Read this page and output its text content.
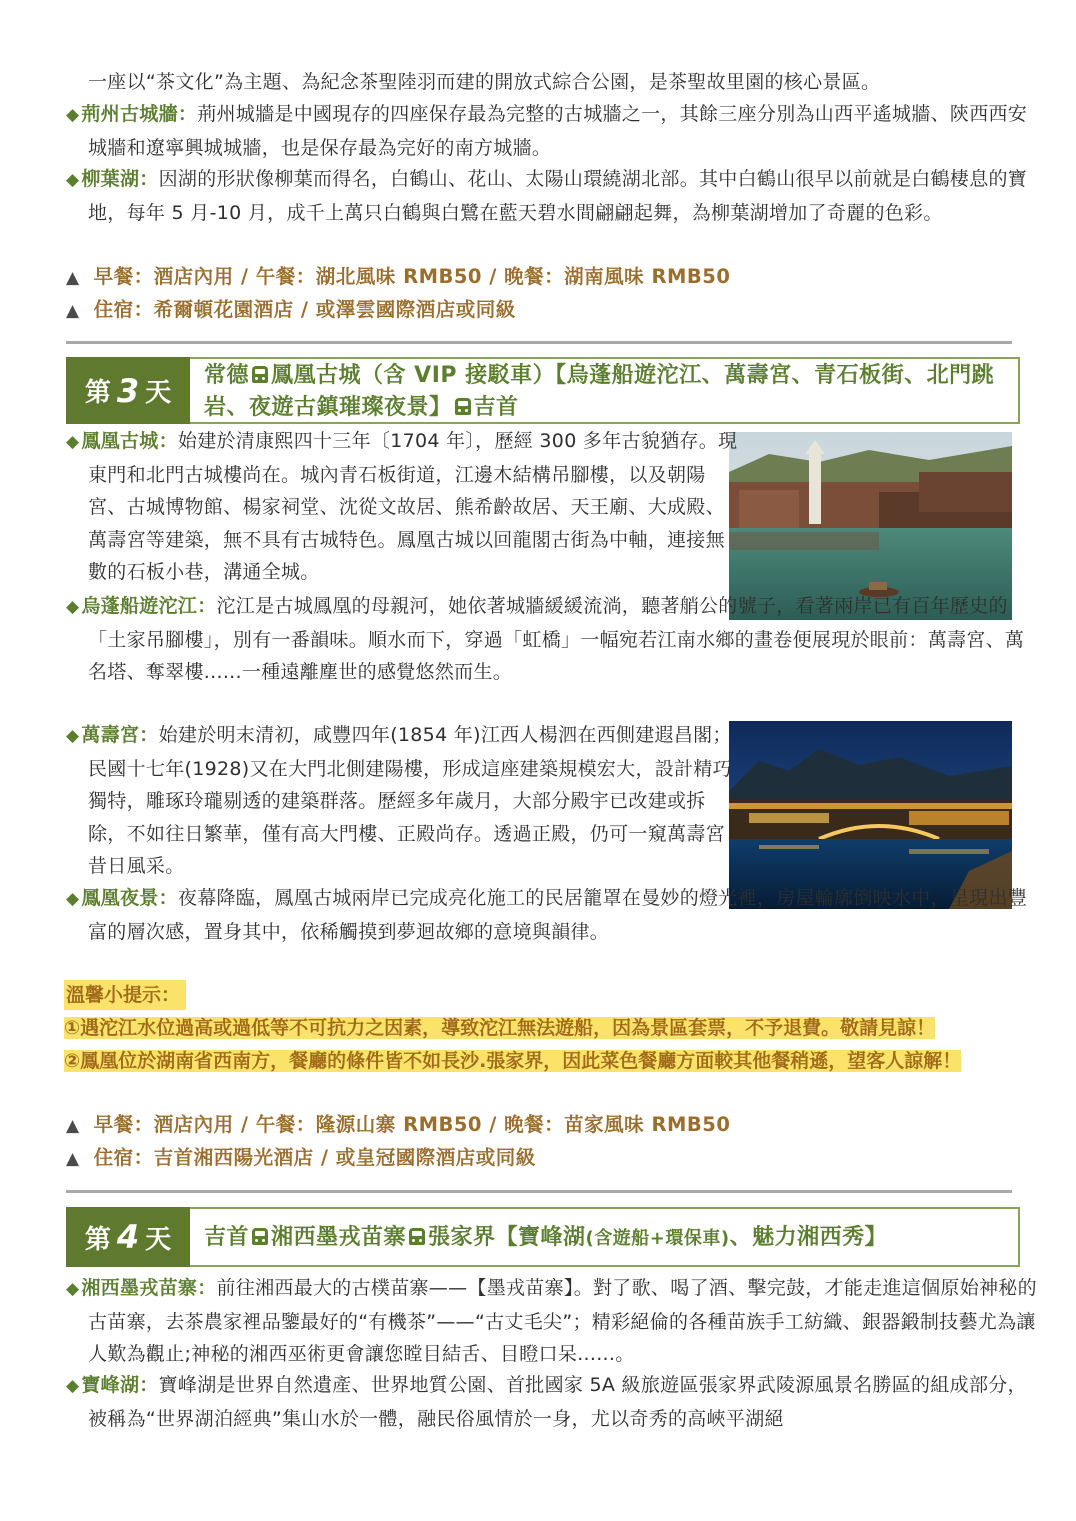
一座以“茶文化”為主題、為紀念茶聖陸羽而建的開放式綜合公園，是茶聖故里園的核心景區。

◆ 荊州古城牆：荊州城牆是中國現存的四座保存最為完整的古城牆之一，其餘三座分別為山西平遙城牆、陝西西安城牆和遼寧興城城牆，也是保存最為完好的南方城牆。

◆ 柳葉湖：因湖的形狀像柳葉而得名，白鶴山、花山、太陽山環繞湖北部。其中白鶴山很早以前就是白鶴棲息的寶地，每年 5 月-10 月，成千上萬只白鶴與白鷺在藍天碧水間翩翩起舞，為柳葉湖增加了奇麗的色彩。

▲ 早餐：酒店內用 / 午餐：湖北風味 RMB50 / 晚餐：湖南風味 RMB50
▲ 住宿：希爾頓花園酒店 / 或澤雲國際酒店或同級
第 3 天
常德 鳳凰古城（含 VIP 接駁車）【烏蓬船遊沱江、萬壽宮、青石板街、北門跳岩、夜遊古鎮璀璨夜景】 吉首

◆ 鳳凰古城：始建於清康熙四十三年〔1704 年〕，歷經 300 多年古貌猶存。現東門和北門古城樓尚在。城內青石板街道，江邊木結構吊腳樓，以及朝陽宮、古城博物館、楊家祠堂、沈從文故居、熊希齡故居、天王廟、大成殿、萬壽宮等建築，無不具有古城特色。鳳凰古城以回龍閣古街為中軸，連接無數的石板小巷，溝通全城。

◆ 烏蓬船遊沱江：沱江是古城鳳凰的母親河，她依著城牆緩緩流淌，聽著艄公的號子，看著兩岸已有百年歷史的「土家吊腳樓」，別有一番韻味。順水而下，穿過「虹橋」一幅宛若江南水鄉的畫卷便展現於眼前：萬壽宮、萬名塔、奪翠樓......一種遠離塵世的感覺悠然而生。

◆ 萬壽宮：始建於明末清初，咸豐四年(1854 年)江西人楊泗在西側建遐昌閣；民國十七年(1928)又在大門北側建陽樓，形成這座建築規模宏大，設計精巧獨特，雕琢玲瓏剔透的建築群落。歷經多年歲月，大部分殿宇已改建或拆除，不如往日繁華，僅有高大門樓、正殿尚存。透過正殿，仍可一窺萬壽宮昔日風采。

◆ 鳳凰夜景：夜幕降臨，鳳凰古城兩岸已完成亮化施工的民居籠罩在曼妙的燈光裡，房屋輪廓倒映水中，呈現出豐富的層次感，置身其中，依稀觸摸到夢迴故鄉的意境與韻律。

溫馨小提示：
①遇沱江水位過高或過低等不可抗力之因素，導致沱江無法遊船，因為景區套票，不予退費。敬請見諒！
②鳳凰位於湖南省西南方，餐廳的條件皆不如長沙.張家界，因此菜色餐廳方面較其他餐稍遜，望客人諒解！
▲ 早餐：酒店內用 / 午餐：隆源山寨 RMB50 / 晚餐：苗家風味 RMB50
▲ 住宿：吉首湘西陽光酒店 / 或皇冠國際酒店或同級
第 4 天 吉首 湘西墨戎苗寨 張家界【寶峰湖(含遊船+環保車)、魅力湘西秀】

◆ 湘西墨戎苗寨：前往湘西最大的古樸苗寨——【墨戎苗寨】。對了歌、喝了酒、擊完鼓，才能走進這個原始神秘的古苗寨，去茶農家裡品鑒最好的“有機茶”——“古丈毛尖”；精彩絕倫的各種苗族手工紡織、銀器鍛制技藝尤為讓人歎為觀止;神秘的湘西巫術更會讓您瞠目結舌、目瞪口呆......。

◆ 寶峰湖：寶峰湖是世界自然遺產、世界地質公園、首批國家 5A 級旅遊區張家界武陵源風景名勝區的組成部分，被稱為“世界湖泊經典”集山水於一體，融民俗風情於一身，尤以奇秀的高峽平湖絕
